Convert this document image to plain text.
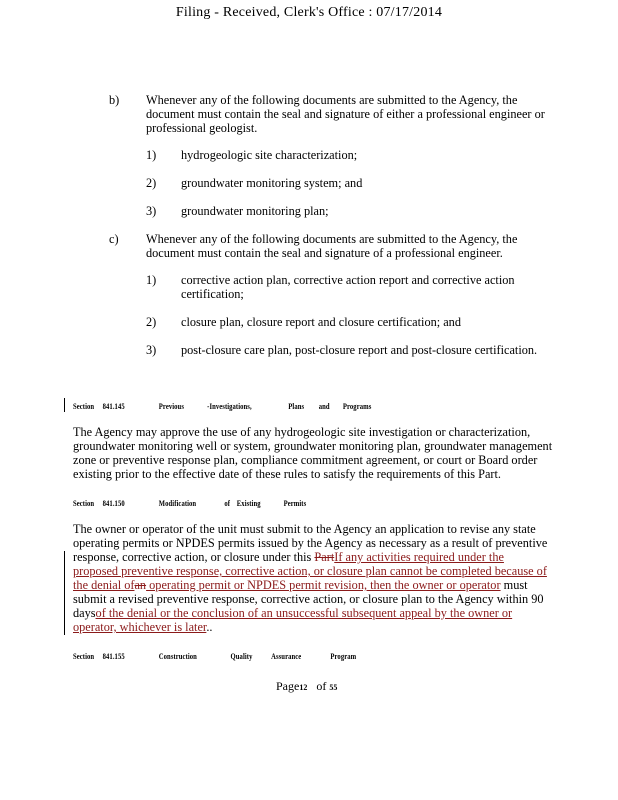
Filing - Received, Clerk's Office : 07/17/2014
b) Whenever any of the following documents are submitted to the Agency, the
document must contain the seal and signature of either a professional engineer or
professional geologist.
1) hydrogeologic site characterization;
2) groundwater monitoring system; and
3) groundwater monitoring plan;
c) Whenever any of the following documents are submitted to the Agency, the
document must contain the seal and signature of a professional engineer.
1) corrective action plan, corrective action report and corrective action
certification;
2) closure plan, closure report and closure certification; and
3) post-closure care plan, post-closure report and post-closure certification.
Section 841.145	Previous	-Investigations,	Plans and Programs
The Agency may approve the use of any hydrogeologic site investigation or characterization,
groundwater monitoring well or system, groundwater monitoring plan, groundwater management
zone or preventive response plan, compliance commitment agreement, or court or Board order
existing prior to the effective date of these rules to satisfy the requirements of this Part.
Section 841.150	Modification	of Existing	Permits
The owner or operator of the unit must submit to the Agency an application to revise any state
operating permits or NPDES permits issued by the Agency as necessary as a result of preventive
response, corrective action, or closure under this PartIf any activities required under the
proposed preventive response, corrective action, or closure plan cannot be completed because of
the denial ofan operating permit or NPDES permit revision, then the owner or operator must
submit a revised preventive response, corrective action, or closure plan to the Agency within 90
daysof the denial or the conclusion of an unsuccessful subsequent appeal by the owner or
operator, whichever is later..
Section 841.155	Construction	Quality Assurance	Program
Page12 of 55
